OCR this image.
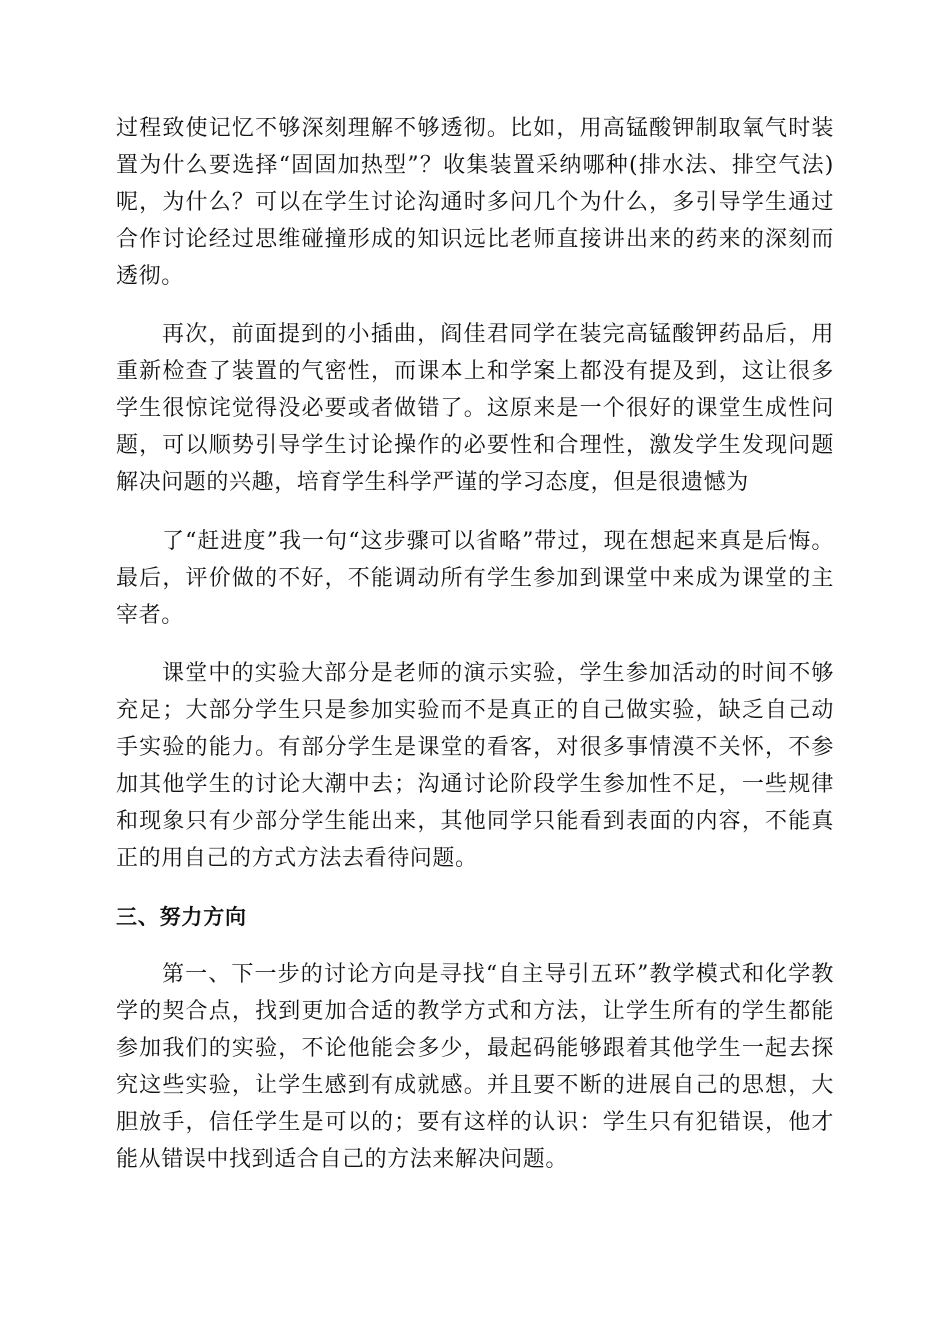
过程致使记忆不够深刻理解不够透彻。比如，用高锰酸钾制取氧气时装置为什么要选择“固固加热型”？收集装置采纳哪种(排水法、排空气法)呢，为什么？可以在学生讨论沟通时多问几个为什么，多引导学生通过合作讨论经过思维碰撞形成的知识远比老师直接讲出来的药来的深刻而透彻。

再次，前面提到的小插曲，阎佳君同学在装完高锰酸钾药品后，用重新检查了装置的气密性，而课本上和学案上都没有提及到，这让很多学生很惊诧觉得没必要或者做错了。这原来是一个很好的课堂生成性问题，可以顺势引导学生讨论操作的必要性和合理性，激发学生发现问题解决问题的兴趣，培育学生科学严谨的学习态度，但是很遗憾为

了“赶进度”我一句“这步骤可以省略”带过，现在想起来真是后悔。最后，评价做的不好，不能调动所有学生参加到课堂中来成为课堂的主宰者。

课堂中的实验大部分是老师的演示实验，学生参加活动的时间不够充足；大部分学生只是参加实验而不是真正的自己做实验，缺乏自己动手实验的能力。有部分学生是课堂的看客，对很多事情漠不关怀，不参加其他学生的讨论大潮中去；沟通讨论阶段学生参加性不足，一些规律和现象只有少部分学生能出来，其他同学只能看到表面的内容，不能真正的用自己的方式方法去看待问题。

三、努力方向

第一、下一步的讨论方向是寻找“自主导引五环”教学模式和化学教学的契合点，找到更加合适的教学方式和方法，让学生所有的学生都能参加我们的实验，不论他能会多少，最起码能够跟着其他学生一起去探究这些实验，让学生感到有成就感。并且要不断的进展自己的思想，大胆放手，信任学生是可以的；要有这样的认识：学生只有犯错误，他才能从错误中找到适合自己的方法来解决问题。
